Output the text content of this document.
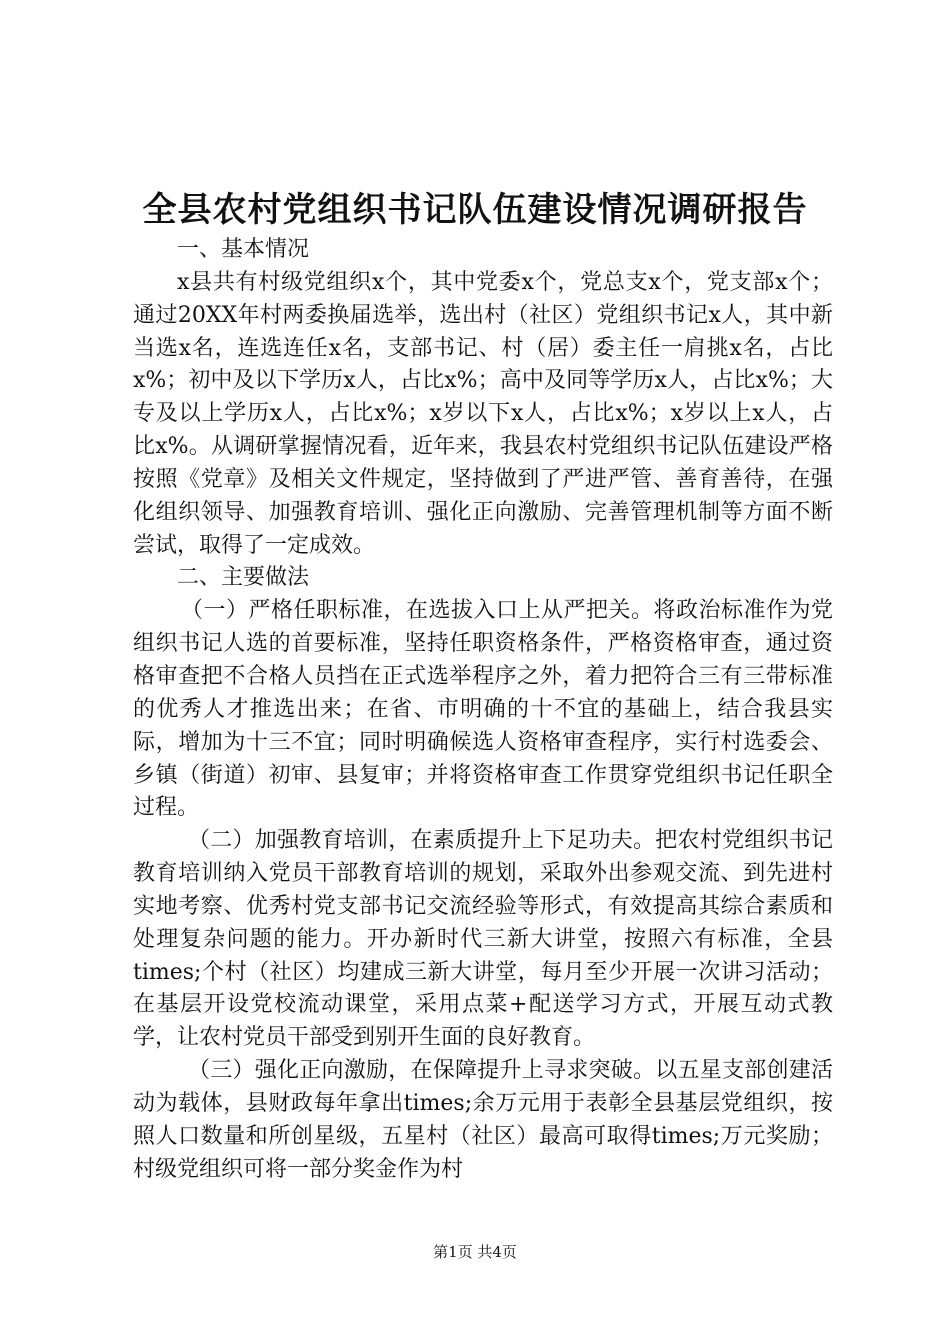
全县农村党组织书记队伍建设情况调研报告

一、基本情况

x县共有村级党组织x个，其中党委x个，党总支x个，党支部x个；通过20XX年村两委换届选举，选出村（社区）党组织书记x人，其中新当选x名，连选连任x名，支部书记、村（居）委主任一肩挑x名，占比x%；初中及以下学历x人，占比x%；高中及同等学历x人，占比x%；大专及以上学历x人，占比x%；x岁以下x人，占比x%；x岁以上x人，占比x%。从调研掌握情况看，近年来，我县农村党组织书记队伍建设严格按照《党章》及相关文件规定，坚持做到了严进严管、善育善待，在强化组织领导、加强教育培训、强化正向激励、完善管理机制等方面不断尝试，取得了一定成效。

二、主要做法

（一）严格任职标准，在选拔入口上从严把关。将政治标准作为党组织书记人选的首要标准，坚持任职资格条件，严格资格审查，通过资格审查把不合格人员挡在正式选举程序之外，着力把符合三有三带标准的优秀人才推选出来；在省、市明确的十不宜的基础上，结合我县实际，增加为十三不宜；同时明确候选人资格审查程序，实行村选委会、乡镇（街道）初审、县复审；并将资格审查工作贯穿党组织书记任职全过程。

（二）加强教育培训，在素质提升上下足功夫。把农村党组织书记教育培训纳入党员干部教育培训的规划，采取外出参观交流、到先进村实地考察、优秀村党支部书记交流经验等形式，有效提高其综合素质和处理复杂问题的能力。开办新时代三新大讲堂，按照六有标准，全县times;个村（社区）均建成三新大讲堂，每月至少开展一次讲习活动；在基层开设党校流动课堂，采用点菜+配送学习方式，开展互动式教学，让农村党员干部受到别开生面的良好教育。

（三）强化正向激励，在保障提升上寻求突破。以五星支部创建活动为载体，县财政每年拿出times;余万元用于表彰全县基层党组织，按照人口数量和所创星级，五星村（社区）最高可取得times;万元奖励；村级党组织可将一部分奖金作为村

第1页 共4页
